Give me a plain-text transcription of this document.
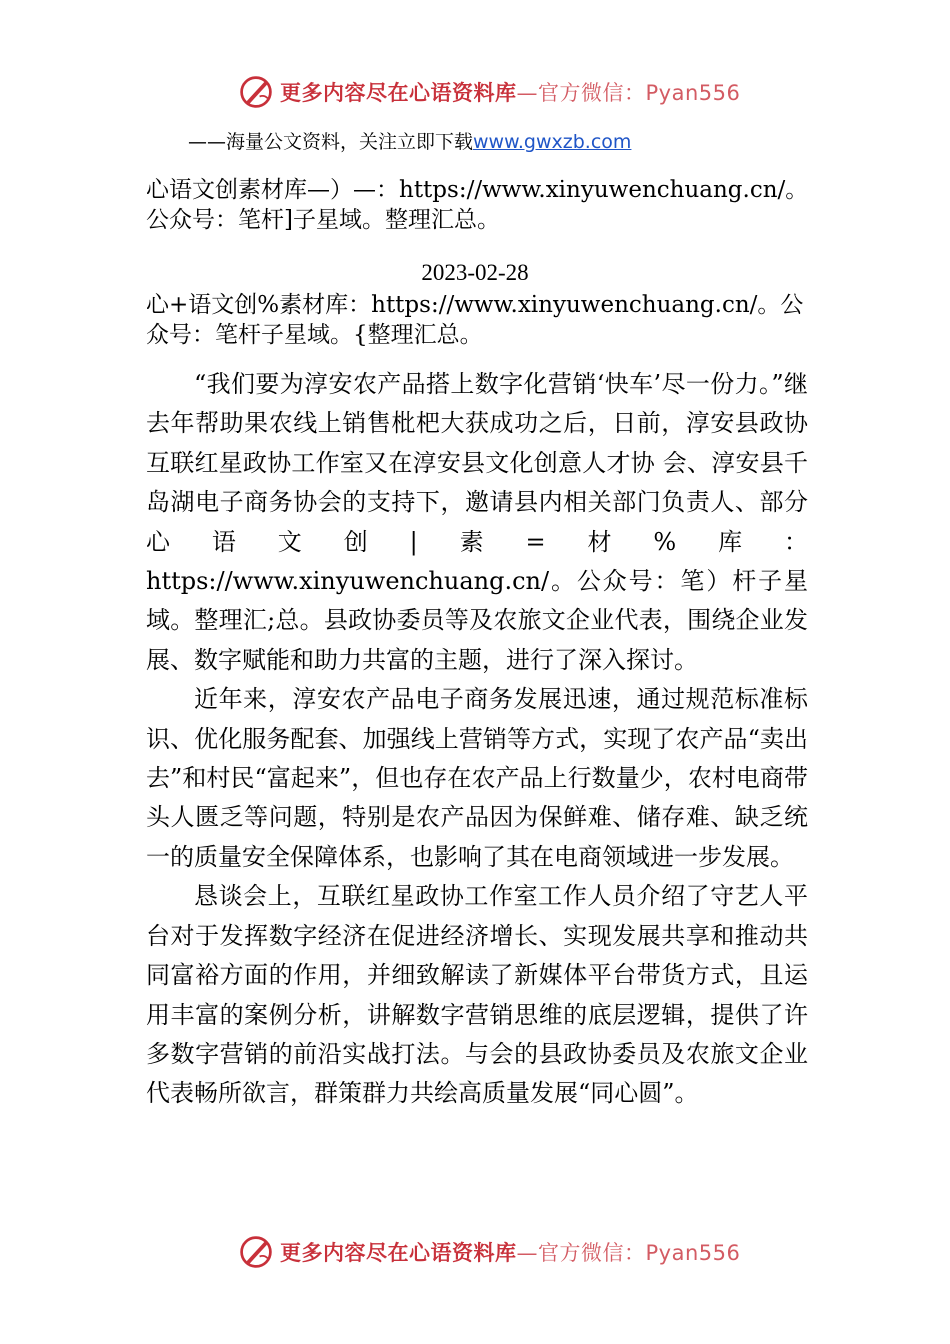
更多内容尽在心语资料库—官方微信：Pyan556
——海量公文资料，关注立即下载www.gwxzb.com

心语文创素材库—）—：https://www.xinyuwenchuang.cn/。公众号：笔杆]子星域。整理汇总。

2023-02-28

心+语文创%素材库：https://www.xinyuwenchuang.cn/。公众号：笔杆子星域。{整理汇总。

“我们要为淳安农产品搭上数字化营销‘快车’尽一份力。”继去年帮助果农线上销售枇杷大获成功之后，日前，淳安县政协互联红星政协工作室又在淳安县文化创意人才协 会、淳安县千岛湖电子商务协会的支持下，邀请县内相关部门负责人、部分心语文创|素=材%库：https://www.xinyuwenchuang.cn/。公众号：笔）杆子星域。整理汇;总。县政协委员等及农旅文企业代表，围绕企业发展、数字赋能和助力共富的主题，进行了深入探讨。

近年来，淳安农产品电子商务发展迅速，通过规范标准标识、优化服务配套、加强线上营销等方式，实现了农产品“卖出去”和村民“富起来”，但也存在农产品上行数量少，农村电商带头人匮乏等问题，特别是农产品因为保鲜难、储存难、缺乏统一的质量安全保障体系，也影响了其在电商领域进一步发展。

恳谈会上，互联红星政协工作室工作人员介绍了守艺人平台对于发挥数字经济在促进经济增长、实现发展共享和推动共同富裕方面的作用，并细致解读了新媒体平台带货方式，且运用丰富的案例分析，讲解数字营销思维的底层逻辑，提供了许多数字营销的前沿实战打法。与会的县政协委员及农旅文企业代表畅所欲言，群策群力共绘高质量发展“同心圆”。

更多内容尽在心语资料库—官方微信：Pyan556
